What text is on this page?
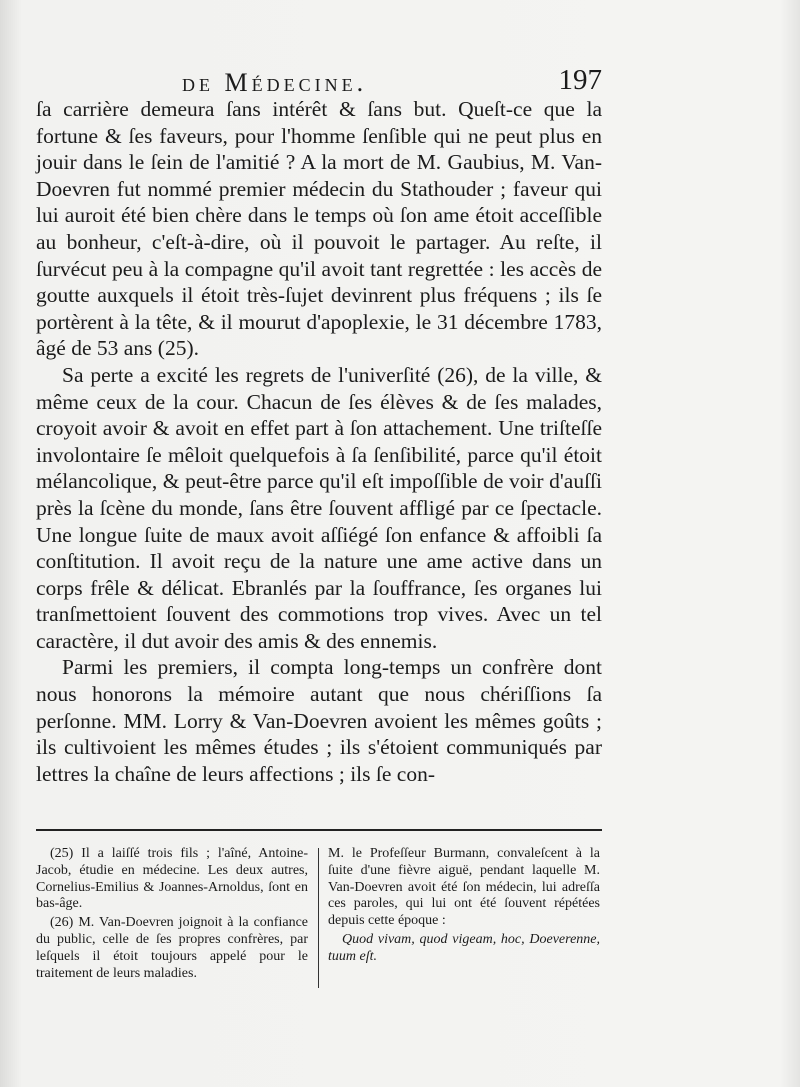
de Médecine.	197

ſa carrière demeura ſans intérêt & ſans but. Queſt-ce que la fortune & ſes faveurs, pour l'homme ſenſible qui ne peut plus en jouir dans le ſein de l'amitié ? A la mort de M. Gaubius, M. Van-Doevren fut nommé premier médecin du Stathouder ; faveur qui lui auroit été bien chère dans le temps où ſon ame étoit acceſſible au bonheur, c'eſt-à-dire, où il pouvoit le partager. Au reſte, il ſurvécut peu à la compagne qu'il avoit tant regrettée : les accès de goutte auxquels il étoit très-ſujet devinrent plus fréquens ; ils ſe portèrent à la tête, & il mourut d'apoplexie, le 31 décembre 1783, âgé de 53 ans (25).

Sa perte a excité les regrets de l'univerſité (26), de la ville, & même ceux de la cour. Chacun de ſes élèves & de ſes malades, croyoit avoir & avoit en effet part à ſon attachement. Une triſteſſe involontaire ſe mêloit quelquefois à ſa ſenſibilité, parce qu'il étoit mélancolique, & peut-être parce qu'il eſt impoſſible de voir d'auſſi près la ſcène du monde, ſans être ſouvent affligé par ce ſpectacle. Une longue ſuite de maux avoit aſſiégé ſon enfance & affoibli ſa conſtitution. Il avoit reçu de la nature une ame active dans un corps frêle & délicat. Ebranlés par la ſouffrance, ſes organes lui tranſmettoient ſouvent des commotions trop vives. Avec un tel caractère, il dut avoir des amis & des ennemis.

Parmi les premiers, il compta long-temps un confrère dont nous honorons la mémoire autant que nous chériſſions ſa perſonne. MM. Lorry & Van-Doevren avoient les mêmes goûts ; ils cultivoient les mêmes études ; ils s'étoient communiqués par lettres la chaîne de leurs affections ; ils ſe con-

(25) Il a laiſſé trois fils ; l'aîné, Antoine-Jacob, étudie en médecine. Les deux autres, Cornelius-Emilius & Joannes-Arnoldus, ſont en bas-âge.

(26) M. Van-Doevren joignoit à la confiance du public, celle de ſes propres confrères, par leſquels il étoit toujours appelé pour le traitement de leurs maladies.

M. le Profeſſeur Burmann, convaleſcent à la ſuite d'une fièvre aiguë, pendant laquelle M. Van-Doevren avoit été ſon médecin, lui adreſſa ces paroles, qui lui ont été ſouvent répétées depuis cette époque :

Quod vivam, quod vigeam, hoc, Doeverenne, tuum eſt.
